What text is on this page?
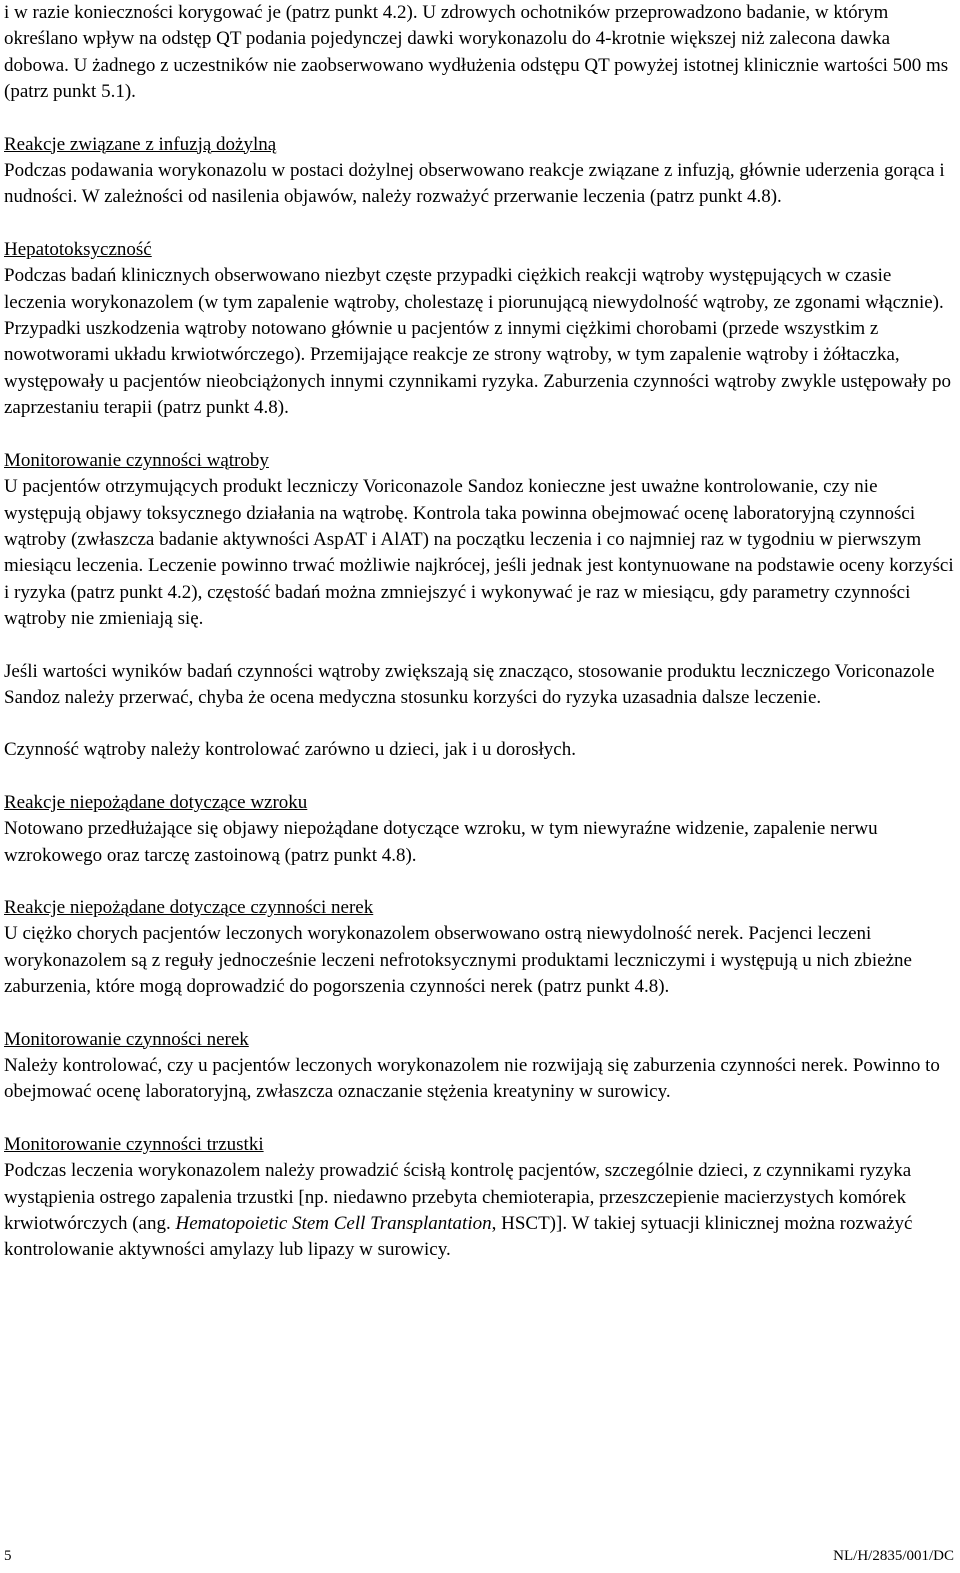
i w razie konieczności korygować je (patrz punkt 4.2). U zdrowych ochotników przeprowadzono badanie, w którym określano wpływ na odstęp QT podania pojedynczej dawki worykonazolu do 4-krotnie większej niż zalecona dawka dobowa. U żadnego z uczestników nie zaobserwowano wydłużenia odstępu QT powyżej istotnej klinicznie wartości 500 ms (patrz punkt 5.1).

Reakcje związane z infuzją dożylną
Podczas podawania worykonazolu w postaci dożylnej obserwowano reakcje związane z infuzją, głównie uderzenia gorąca i nudności. W zależności od nasilenia objawów, należy rozważyć przerwanie leczenia (patrz punkt 4.8).
Hepatotoksyczność
Podczas badań klinicznych obserwowano niezbyt częste przypadki ciężkich reakcji wątroby występujących w czasie leczenia worykonazolem (w tym zapalenie wątroby, cholestazę i piorunującą niewydolność wątroby, ze zgonami włącznie). Przypadki uszkodzenia wątroby notowano głównie u pacjentów z innymi ciężkimi chorobami (przede wszystkim z nowotworami układu krwiotwórczego). Przemijające reakcje ze strony wątroby, w tym zapalenie wątroby i żółtaczka, występowały u pacjentów nieobciążonych innymi czynnikami ryzyka. Zaburzenia czynności wątroby zwykle ustępowały po zaprzestaniu terapii (patrz punkt 4.8).
Monitorowanie czynności wątroby
U pacjentów otrzymujących produkt leczniczy Voriconazole Sandoz konieczne jest uważne kontrolowanie, czy nie występują objawy toksycznego działania na wątrobę. Kontrola taka powinna obejmować ocenę laboratoryjną czynności wątroby (zwłaszcza badanie aktywności AspAT i AlAT) na początku leczenia i co najmniej raz w tygodniu w pierwszym miesiącu leczenia. Leczenie powinno trwać możliwie najkrócej, jeśli jednak jest kontynuowane na podstawie oceny korzyści i ryzyka (patrz punkt 4.2), częstość badań można zmniejszyć i wykonywać je raz w miesiącu, gdy parametry czynności wątroby nie zmieniają się.

Jeśli wartości wyników badań czynności wątroby zwiększają się znacząco, stosowanie produktu leczniczego Voriconazole Sandoz należy przerwać, chyba że ocena medyczna stosunku korzyści do ryzyka uzasadnia dalsze leczenie.

Czynność wątroby należy kontrolować zarówno u dzieci, jak i u dorosłych.

Reakcje niepożądane dotyczące wzroku
Notowano przedłużające się objawy niepożądane dotyczące wzroku, w tym niewyraźne widzenie, zapalenie nerwu wzrokowego oraz tarczę zastoinową (patrz punkt 4.8).
Reakcje niepożądane dotyczące czynności nerek
U ciężko chorych pacjentów leczonych worykonazolem obserwowano ostrą niewydolność nerek. Pacjenci leczeni worykonazolem są z reguły jednocześnie leczeni nefrotoksycznymi produktami leczniczymi i występują u nich zbieżne zaburzenia, które mogą doprowadzić do pogorszenia czynności nerek (patrz punkt 4.8).
Monitorowanie czynności nerek
Należy kontrolować, czy u pacjentów leczonych worykonazolem nie rozwijają się zaburzenia czynności nerek. Powinno to obejmować ocenę laboratoryjną, zwłaszcza oznaczanie stężenia kreatyniny w surowicy.
Monitorowanie czynności trzustki
Podczas leczenia worykonazolem należy prowadzić ścisłą kontrolę pacjentów, szczególnie dzieci, z czynnikami ryzyka wystąpienia ostrego zapalenia trzustki [np. niedawno przebyta chemioterapia, przeszczepienie macierzystych komórek krwiotwórczych (ang. Hematopoietic Stem Cell Transplantation, HSCT)]. W takiej sytuacji klinicznej można rozważyć kontrolowanie aktywności amylazy lub lipazy w surowicy.
5	NL/H/2835/001/DC
